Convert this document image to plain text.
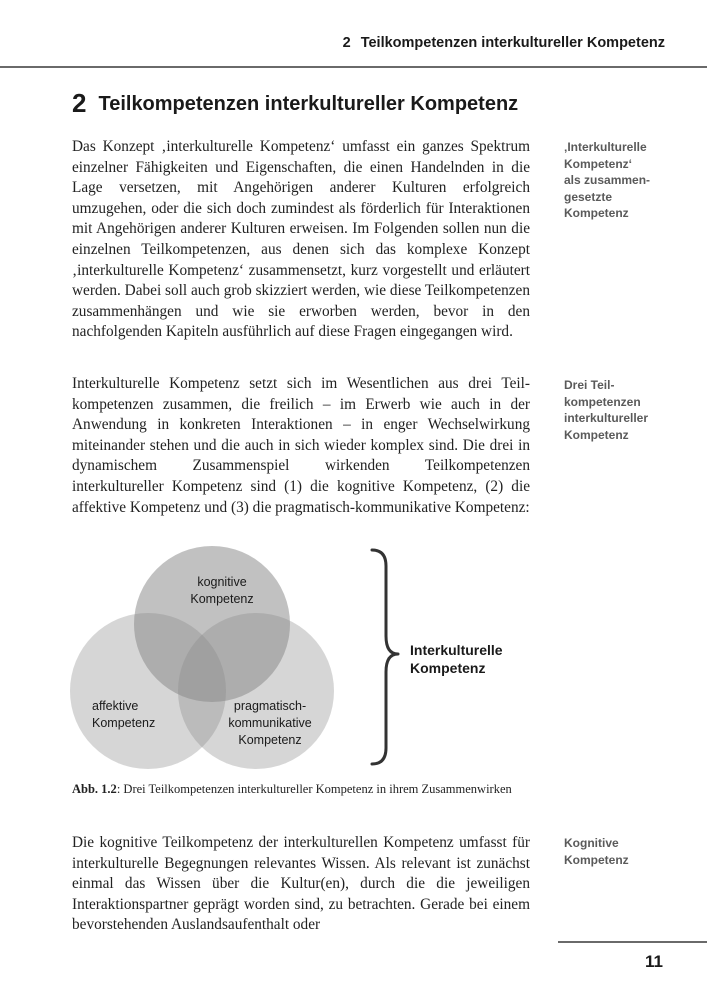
2 Teilkompetenzen interkultureller Kompetenz
2 Teilkompetenzen interkultureller Kompetenz

Das Konzept ‚interkulturelle Kompetenz‘ umfasst ein ganzes Spektrum einzelner Fähigkeiten und Eigenschaften, die einen Handelnden in die Lage versetzen, mit Angehörigen anderer Kulturen erfolgreich umzugehen, oder die sich doch zumindest als förderlich für Interaktionen mit Angehörigen anderer Kulturen erweisen. Im Folgenden sollen nun die einzelnen Teilkompetenzen, aus denen sich das komplexe Konzept ‚interkulturelle Kompetenz‘ zusammensetzt, kurz vorgestellt und erläutert werden. Dabei soll auch grob skizziert werden, wie diese Teilkompetenzen zusammenhängen und wie sie erworben werden, bevor in den nachfolgenden Kapiteln ausführlich auf diese Fragen eingegangen wird.

Interkulturelle Kompetenz setzt sich im Wesentlichen aus drei Teilkompetenzen zusammen, die freilich – im Erwerb wie auch in der Anwendung in konkreten Interaktionen – in enger Wechselwirkung miteinander stehen und die auch in sich wieder komplex sind. Die drei in dynamischem Zusammenspiel wirkenden Teilkompetenzen interkultureller Kompetenz sind (1) die kognitive Kompetenz, (2) die affektive Kompetenz und (3) die pragmatisch-kommunikative Kompetenz:

‚Interkulturelle
Kompetenz‘
als zusammen-
gesetzte
Kompetenz
Drei Teil-
kompetenzen
interkultureller
Kompetenz
Kognitive
Kompetenz
kognitive
Kompetenz
affektive
Kompetenz
pragmatisch-
kommunikative
Kompetenz
Interkulturelle
Kompetenz

Abb. 1.2: Drei Teilkompetenzen interkultureller Kompetenz in ihrem Zusammenwirken

Die kognitive Teilkompetenz der interkulturellen Kompetenz umfasst für interkulturelle Begegnungen relevantes Wissen. Als relevant ist zunächst einmal das Wissen über die Kultur(en), durch die die jeweiligen Interaktionspartner geprägt worden sind, zu betrachten. Gerade bei einem bevorstehenden Auslandsaufenthalt oder

11
